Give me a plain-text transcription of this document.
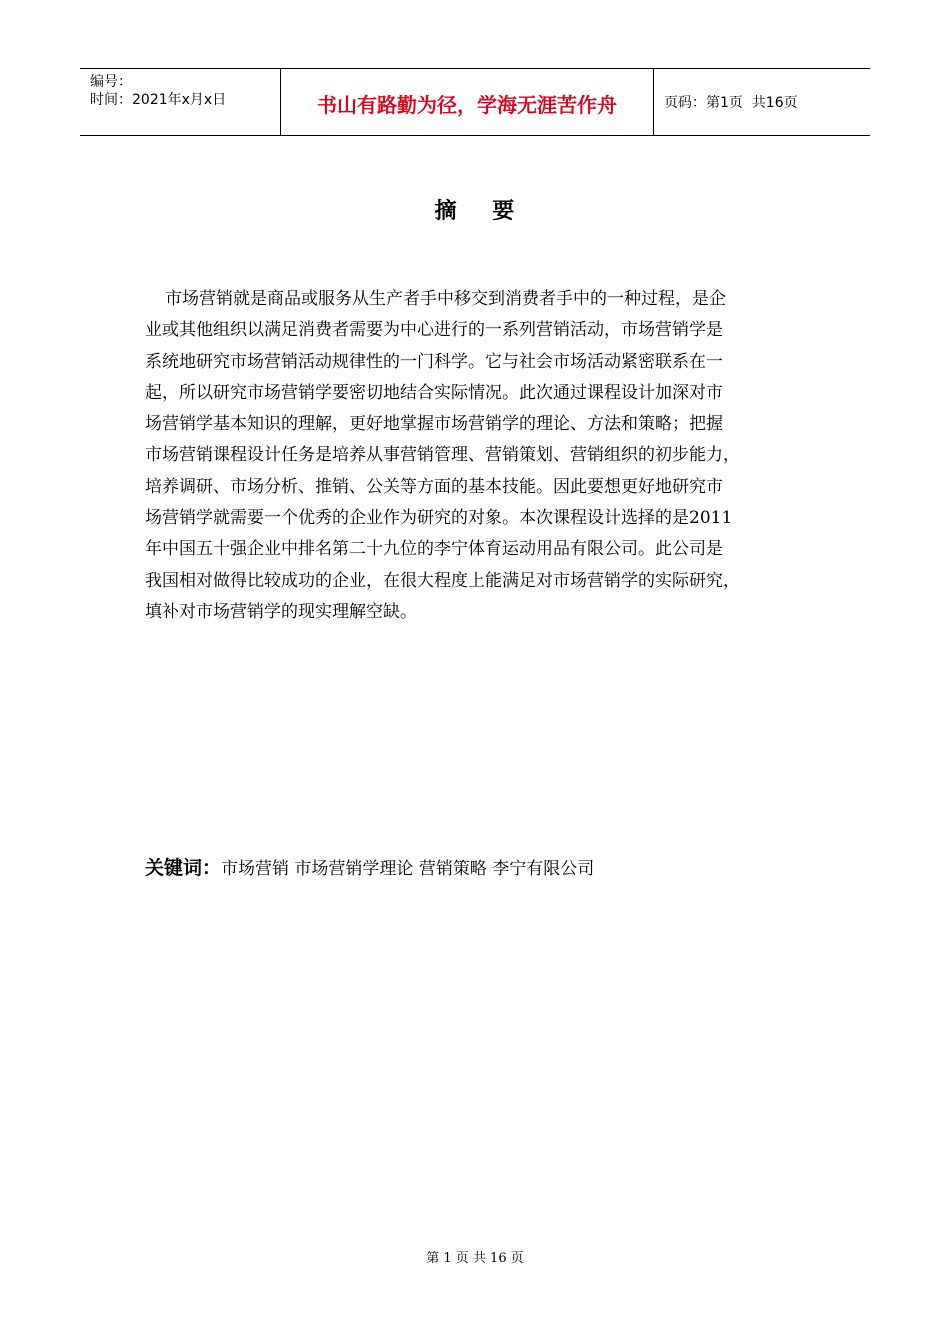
编号：
时间：2021年x月x日	书山有路勤为径，学海无涯苦作舟	页码：第1页  共16页
摘    要
市场营销就是商品或服务从生产者手中移交到消费者手中的一种过程，是企
业或其他组织以满足消费者需要为中心进行的一系列营销活动，市场营销学是
系统地研究市场营销活动规律性的一门科学。它与社会市场活动紧密联系在一
起，所以研究市场营销学要密切地结合实际情况。此次通过课程设计加深对市
场营销学基本知识的理解，更好地掌握市场营销学的理论、方法和策略；把握
市场营销课程设计任务是培养从事营销管理、营销策划、营销组织的初步能力，
培养调研、市场分析、推销、公关等方面的基本技能。因此要想更好地研究市
场营销学就需要一个优秀的企业作为研究的对象。本次课程设计选择的是2011
年中国五十强企业中排名第二十九位的李宁体育运动用品有限公司。此公司是
我国相对做得比较成功的企业，在很大程度上能满足对市场营销学的实际研究，
填补对市场营销学的现实理解空缺。
关键词：市场营销 市场营销学理论 营销策略 李宁有限公司
第 1 页 共 16 页
